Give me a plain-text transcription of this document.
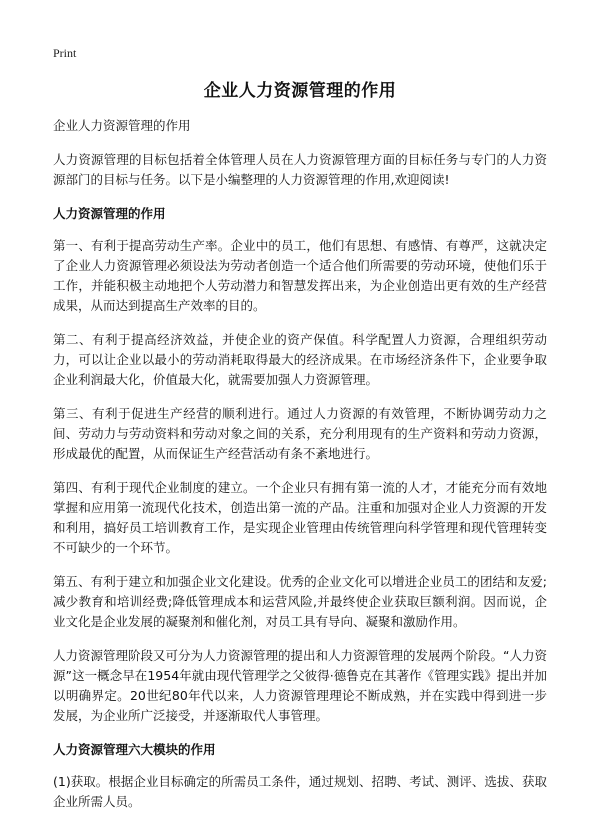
Print
企业人力资源管理的作用

企业人力资源管理的作用

人力资源管理的目标包括着全体管理人员在人力资源管理方面的目标任务与专门的人力资源部门的目标与任务。以下是小编整理的人力资源管理的作用,欢迎阅读!

人力资源管理的作用

第一、有利于提高劳动生产率。企业中的员工，他们有思想、有感情、有尊严，这就决定了企业人力资源管理必须设法为劳动者创造一个适合他们所需要的劳动环境，使他们乐于工作，并能积极主动地把个人劳动潜力和智慧发挥出来，为企业创造出更有效的生产经营成果，从而达到提高生产效率的目的。

第二、有利于提高经济效益，并使企业的资产保值。科学配置人力资源，合理组织劳动力，可以让企业以最小的劳动消耗取得最大的经济成果。在市场经济条件下，企业要争取企业利润最大化，价值最大化，就需要加强人力资源管理。

第三、有利于促进生产经营的顺利进行。通过人力资源的有效管理，不断协调劳动力之间、劳动力与劳动资料和劳动对象之间的关系，充分利用现有的生产资料和劳动力资源，形成最优的配置，从而保证生产经营活动有条不紊地进行。

第四、有利于现代企业制度的建立。一个企业只有拥有第一流的人才，才能充分而有效地掌握和应用第一流现代化技术，创造出第一流的产品。注重和加强对企业人力资源的开发和利用，搞好员工培训教育工作，是实现企业管理由传统管理向科学管理和现代管理转变不可缺少的一个环节。

第五、有利于建立和加强企业文化建设。优秀的企业文化可以增进企业员工的团结和友爱;减少教育和培训经费;降低管理成本和运营风险,并最终使企业获取巨额利润。因而说，企业文化是企业发展的凝聚剂和催化剂，对员工具有导向、凝聚和激励作用。

人力资源管理阶段又可分为人力资源管理的提出和人力资源管理的发展两个阶段。“人力资源”这一概念早在1954年就由现代管理学之父彼得·德鲁克在其著作《管理实践》提出并加以明确界定。20世纪80年代以来，人力资源管理理论不断成熟，并在实践中得到进一步发展，为企业所广泛接受，并逐渐取代人事管理。

人力资源管理六大模块的作用

(1)获取。根据企业目标确定的所需员工条件，通过规划、招聘、考试、测评、选拔、获取企业所需人员。
